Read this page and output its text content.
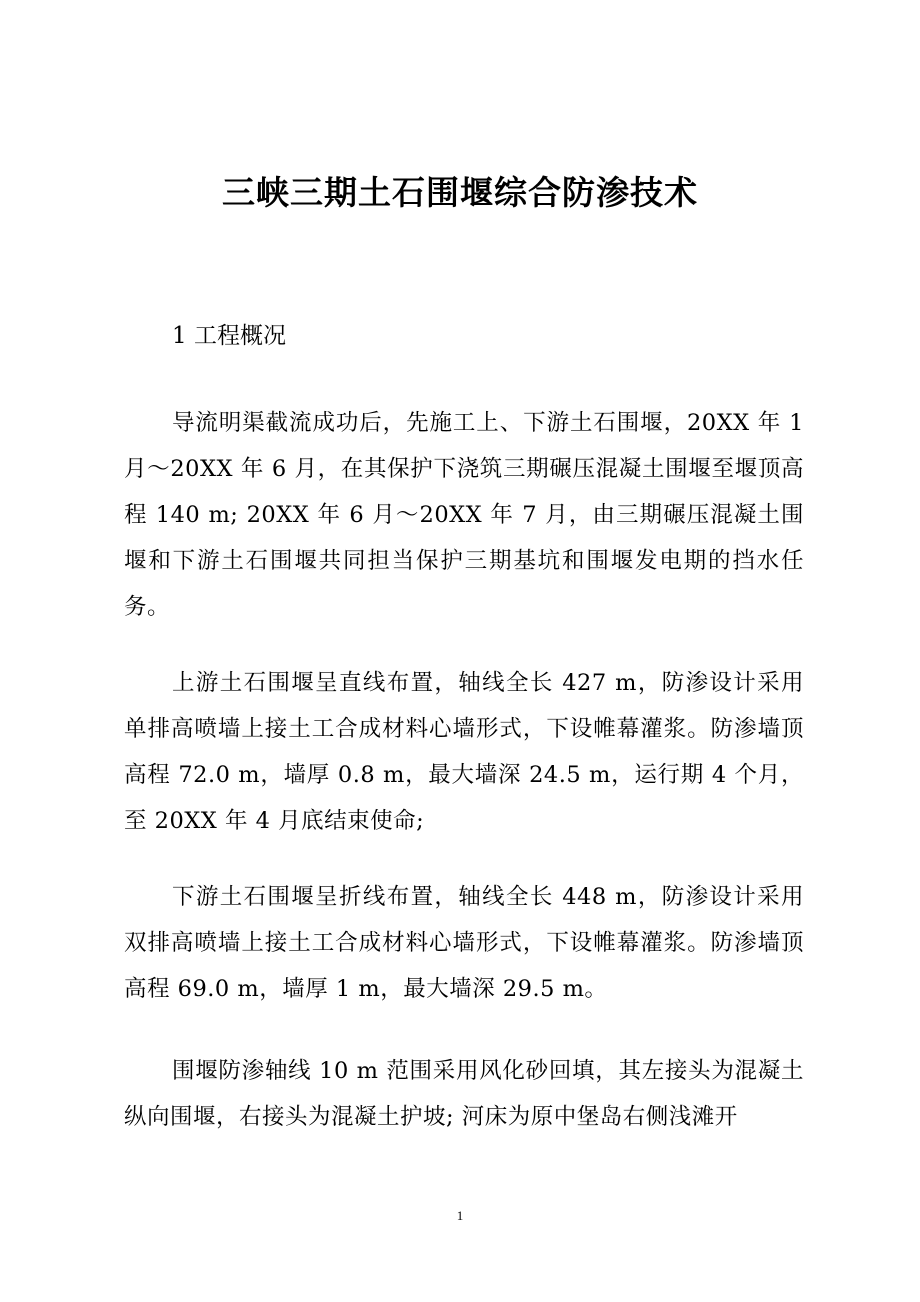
三峡三期土石围堰综合防渗技术
1 工程概况

导流明渠截流成功后，先施工上、下游土石围堰，20XX 年 1 月～20XX 年 6 月，在其保护下浇筑三期碾压混凝土围堰至堰顶高程 140 m; 20XX 年 6 月～20XX 年 7 月，由三期碾压混凝土围堰和下游土石围堰共同担当保护三期基坑和围堰发电期的挡水任务。

上游土石围堰呈直线布置，轴线全长 427 m，防渗设计采用单排高喷墙上接土工合成材料心墙形式，下设帷幕灌浆。防渗墙顶高程 72.0 m，墙厚 0.8 m，最大墙深 24.5 m，运行期 4 个月，至 20XX 年 4 月底结束使命;

下游土石围堰呈折线布置，轴线全长 448 m，防渗设计采用双排高喷墙上接土工合成材料心墙形式，下设帷幕灌浆。防渗墙顶高程 69.0 m，墙厚 1 m，最大墙深 29.5 m。

围堰防渗轴线 10 m 范围采用风化砂回填，其左接头为混凝土纵向围堰，右接头为混凝土护坡; 河床为原中堡岛右侧浅滩开

1
